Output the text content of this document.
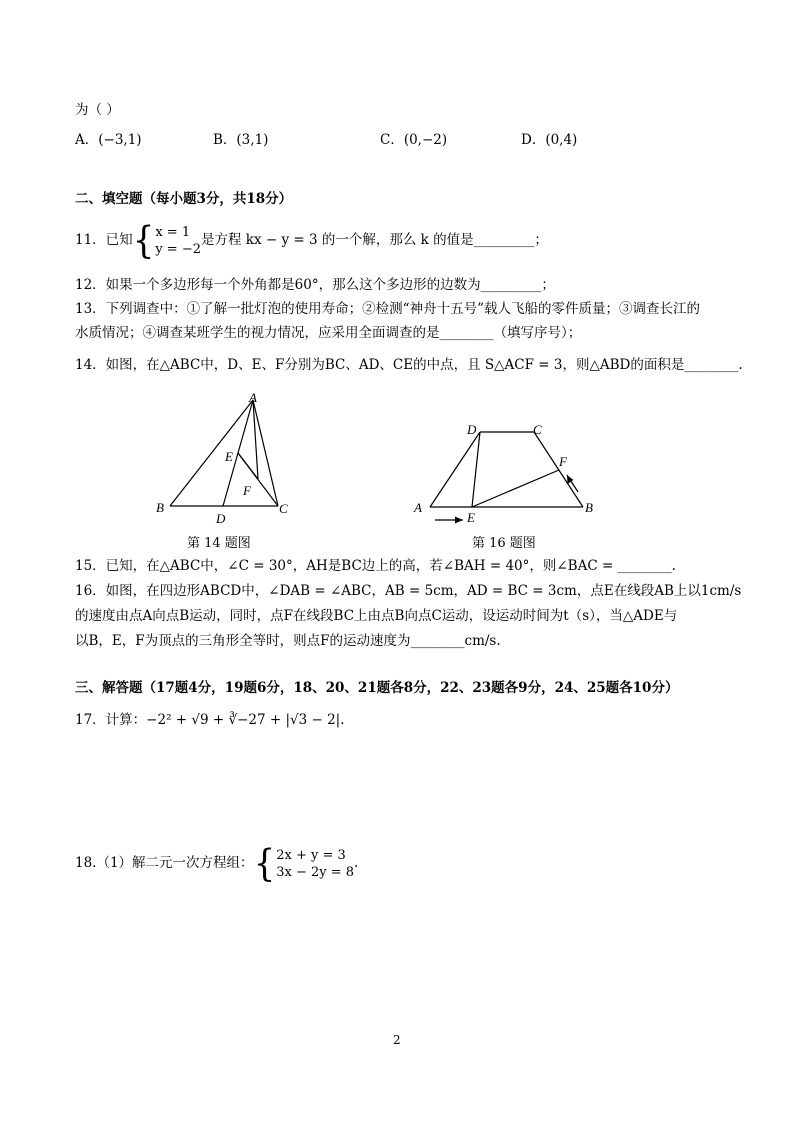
为（ ）
A．(−3,1)	B．(3,1)	C．(0,−2)	D．(0,4)
二、填空题（每小题3分，共18分）
11．已知{ x = 1
y = −2
是方程 kx − y = 3 的一个解，那么 k 的值是_________；
12．如果一个多边形每一个外角都是60°，那么这个多边形的边数为_________；
13．下列调查中：①了解一批灯泡的使用寿命；②检测“神舟十五号”载人飞船的零件质量；③调查长江的
水质情况；④调查某班学生的视力情况，应采用全面调查的是________（填写序号）；
14．如图，在△ABC中，D、E、F分别为BC、AD、CE的中点，且 S△ACF = 3，则△ABD的面积是________.
A
B	C
D
E
F
第 14 题图
D	C
F
A	B
E
第 16 题图
15．已知，在△ABC中，∠C = 30°，AH是BC边上的高，若∠BAH = 40°，则∠BAC = ________.
16．如图，在四边形ABCD中，∠DAB = ∠ABC，AB = 5cm，AD = BC = 3cm，点E在线段AB上以1cm/s
的速度由点A向点B运动，同时，点F在线段BC上由点B向点C运动，设运动时间为t（s），当△ADE与
以B，E，F为顶点的三角形全等时，则点F的运动速度为________cm/s.
三、解答题（17题4分，19题6分，18、20、21题各8分，22、23题各9分，24、25题各10分）
17．计算：−2² + √9 + ∛−27 + |√3 − 2|.
18.（1）解二元一次方程组：{ 2x + y = 3
3x − 2y = 8
.
2
